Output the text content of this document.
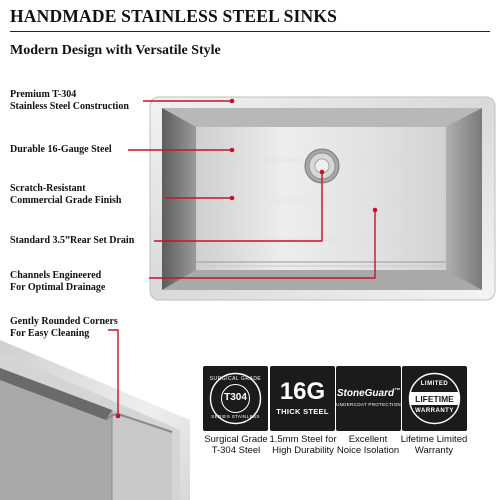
HANDMADE STAINLESS STEEL SINKS
Modern Design with Versatile Style
Premium T-304
Stainless Steel Construction
Durable 16-Gauge Steel
Scratch-Resistant
Commercial Grade Finish
Standard 3.5”Rear Set Drain
Channels Engineered
For Optimal Drainage
Gently Rounded Corners
For Easy Cleaning
SURGICAL GRADE
T304
SERIES STAINLESS
Surgical Grade
T-304 Steel
16G
THICK STEEL
1.5mm Steel for
High Durability
StoneGuard™
UNDERCOAT PROTECTION
Excellent
Noice Isolation
LIMITED
LIFETIME
WARRANTY
Lifetime Limited
Warranty
